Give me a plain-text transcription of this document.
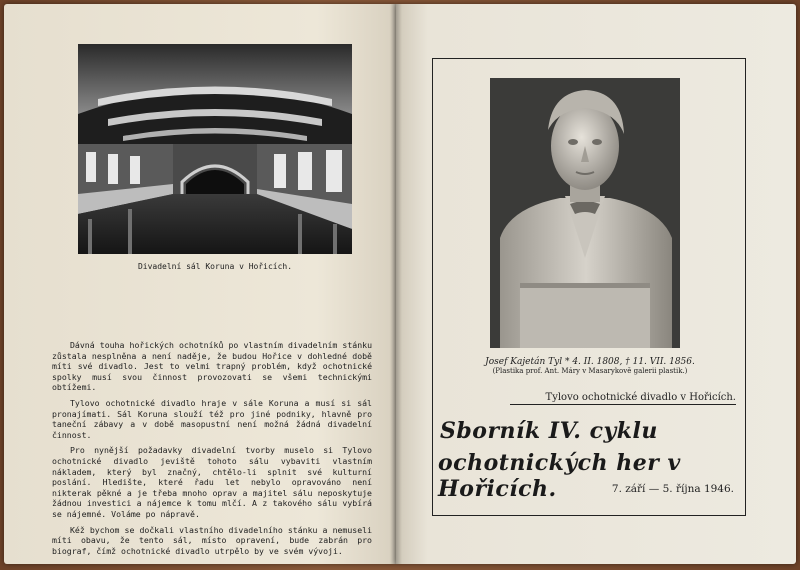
Divadelní sál Koruna v Hořicích.

Dávná touha hořických ochotníků po vlastním divadelním stánku zůstala nesplněna a není naděje, že budou Hořice v dohledné době míti své divadlo. Jest to velmi trapný problém, když ochotnické spolky musí svou činnost provozovati se všemi technickými obtížemi.

Tylovo ochotnické divadlo hraje v sále Koruna a musí si sál pronajímati. Sál Koruna slouží též pro jiné podniky, hlavně pro taneční zábavy a v době masopustní není možná žádná divadelní činnost.

Pro nynější požadavky divadelní tvorby muselo si Tylovo ochotnické divadlo jeviště tohoto sálu vybaviti vlastním nákladem, který byl značný, chtělo-li splnit své kulturní poslání. Hledište, které řadu let nebylo opravováno není nikterak pěkné a je třeba mnoho oprav a majitel sálu neposkytuje žádnou investici a nájemce k tomu mlčí. A z takového sálu vybírá se nájemné. Voláme po nápravě.

Kéž bychom se dočkali vlastního divadelního stánku a nemuseli míti obavu, že tento sál, místo opravení, bude zabrán pro biograf, čímž ochotnické divadlo utrpělo by ve svém vývoji.

Josef Kajetán Tyl * 4. II. 1808, † 11. VII. 1856.
(Plastika prof. Ant. Máry v Masarykově galerii plastik.)
Tylovo ochotnické divadlo v Hořicích.
Sborník IV. cyklu
ochotnických her v Hořicích.	7. září — 5. října 1946.
